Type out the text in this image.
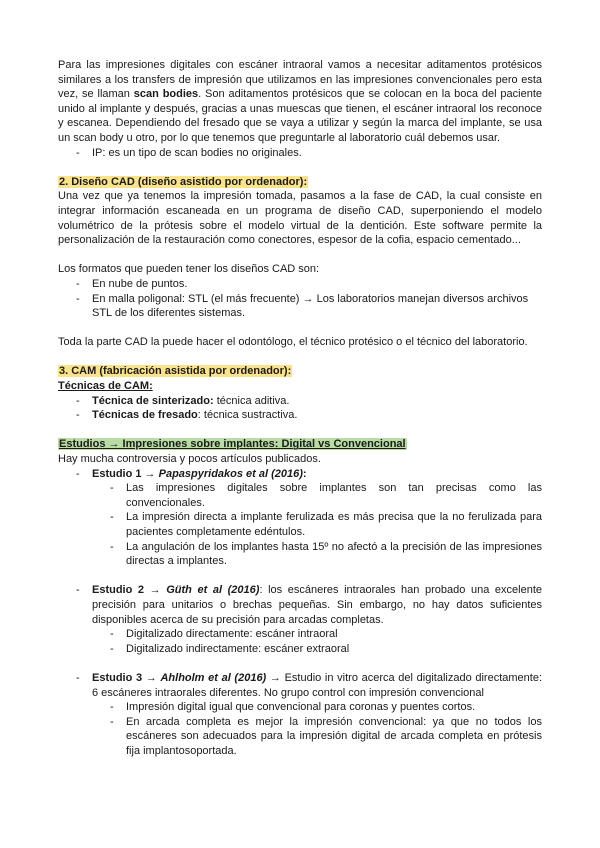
Para las impresiones digitales con escáner intraoral vamos a necesitar aditamentos protésicos similares a los transfers de impresión que utilizamos en las impresiones convencionales pero esta vez, se llaman scan bodies. Son aditamentos protésicos que se colocan en la boca del paciente unido al implante y después, gracias a unas muescas que tienen, el escáner intraoral los reconoce y escanea. Dependiendo del fresado que se vaya a utilizar y según la marca del implante, se usa un scan body u otro, por lo que tenemos que preguntarle al laboratorio cuál debemos usar.

- IP: es un tipo de scan bodies no originales.

2. Diseño CAD (diseño asistido por ordenador):

Una vez que ya tenemos la impresión tomada, pasamos a la fase de CAD, la cual consiste en integrar información escaneada en un programa de diseño CAD, superponiendo el modelo volumétrico de la prótesis sobre el modelo virtual de la dentición. Este software permite la personalización de la restauración como conectores, espesor de la cofia, espacio cementado...

Los formatos que pueden tener los diseños CAD son:

- En nube de puntos.
- En malla poligonal: STL (el más frecuente) → Los laboratorios manejan diversos archivos STL de los diferentes sistemas.

Toda la parte CAD la puede hacer el odontólogo, el técnico protésico o el técnico del laboratorio.

3. CAM (fabricación asistida por ordenador):

Técnicas de CAM:

- Técnica de sinterizado: técnica aditiva.
- Técnicas de fresado: técnica sustractiva.

Estudios → Impresiones sobre implantes: Digital vs Convencional

Hay mucha controversia y pocos artículos publicados.

- Estudio 1 → Papaspyridakos et al (2016):
- Las impresiones digitales sobre implantes son tan precisas como las convencionales.
- La impresión directa a implante ferulizada es más precisa que la no ferulizada para pacientes completamente edéntulos.
- La angulación de los implantes hasta 15º no afectó a la precisión de las impresiones directas a implantes.
- Estudio 2 → Güth et al (2016): los escáneres intraorales han probado una excelente precisión para unitarios o brechas pequeñas. Sin embargo, no hay datos suficientes disponibles acerca de su precisión para arcadas completas.
- Digitalizado directamente: escáner intraoral
- Digitalizado indirectamente: escáner extraoral
- Estudio 3 → Ahlholm et al (2016) → Estudio in vitro acerca del digitalizado directamente: 6 escáneres intraorales diferentes. No grupo control con impresión convencional
- Impresión digital igual que convencional para coronas y puentes cortos.
- En arcada completa es mejor la impresión convencional: ya que no todos los escáneres son adecuados para la impresión digital de arcada completa en prótesis fija implantosoportada.
